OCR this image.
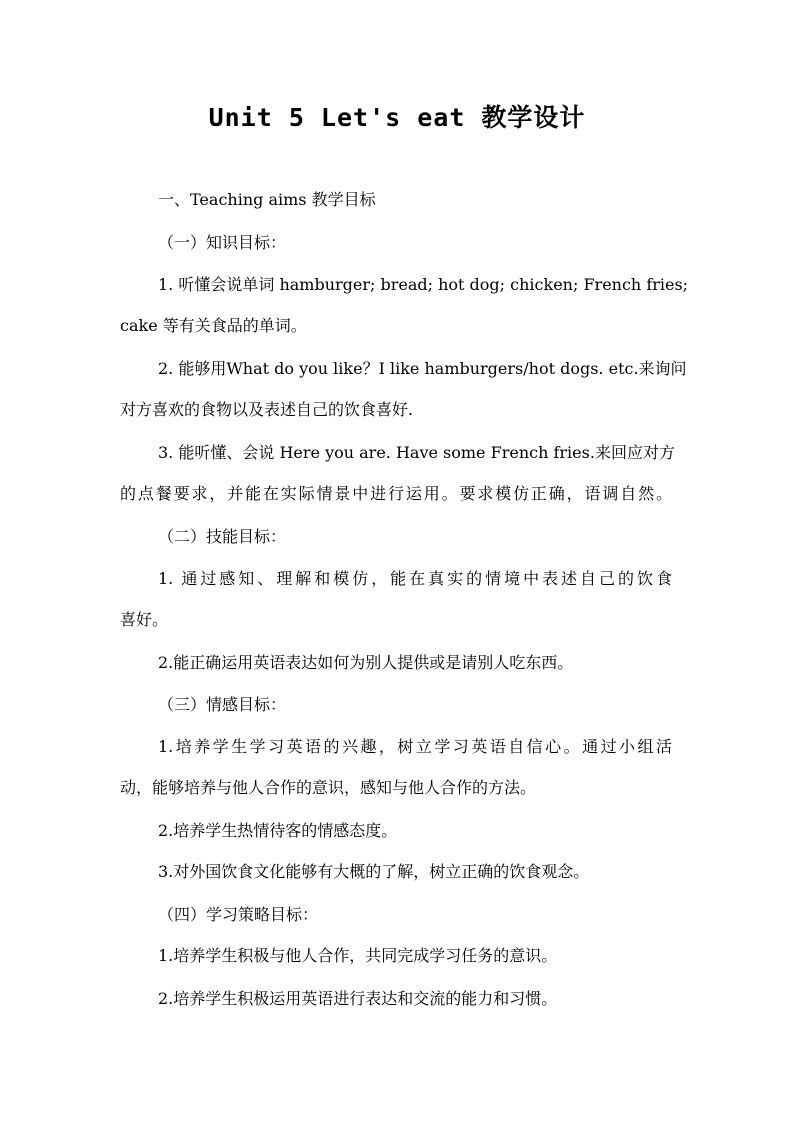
Unit 5 Let's eat 教学设计
一、Teaching aims 教学目标
（一）知识目标：
1. 听懂会说单词 hamburger; bread; hot dog; chicken; French fries;
cake 等有关食品的单词。
2. 能够用What do you like？I like hamburgers/hot dogs. etc.来询问
对方喜欢的食物以及表述自己的饮食喜好.
3. 能听懂、会说 Here you are. Have some French fries.来回应对方
的点餐要求，并能在实际情景中进行运用。要求模仿正确，语调自然。
（二）技能目标：
1. 通过感知、理解和模仿，能在真实的情境中表述自己的饮食
喜好。
2.能正确运用英语表达如何为别人提供或是请别人吃东西。
（三）情感目标：
1.培养学生学习英语的兴趣，树立学习英语自信心。通过小组活
动，能够培养与他人合作的意识，感知与他人合作的方法。
2.培养学生热情待客的情感态度。
3.对外国饮食文化能够有大概的了解，树立正确的饮食观念。
（四）学习策略目标：
1.培养学生积极与他人合作，共同完成学习任务的意识。
2.培养学生积极运用英语进行表达和交流的能力和习惯。
